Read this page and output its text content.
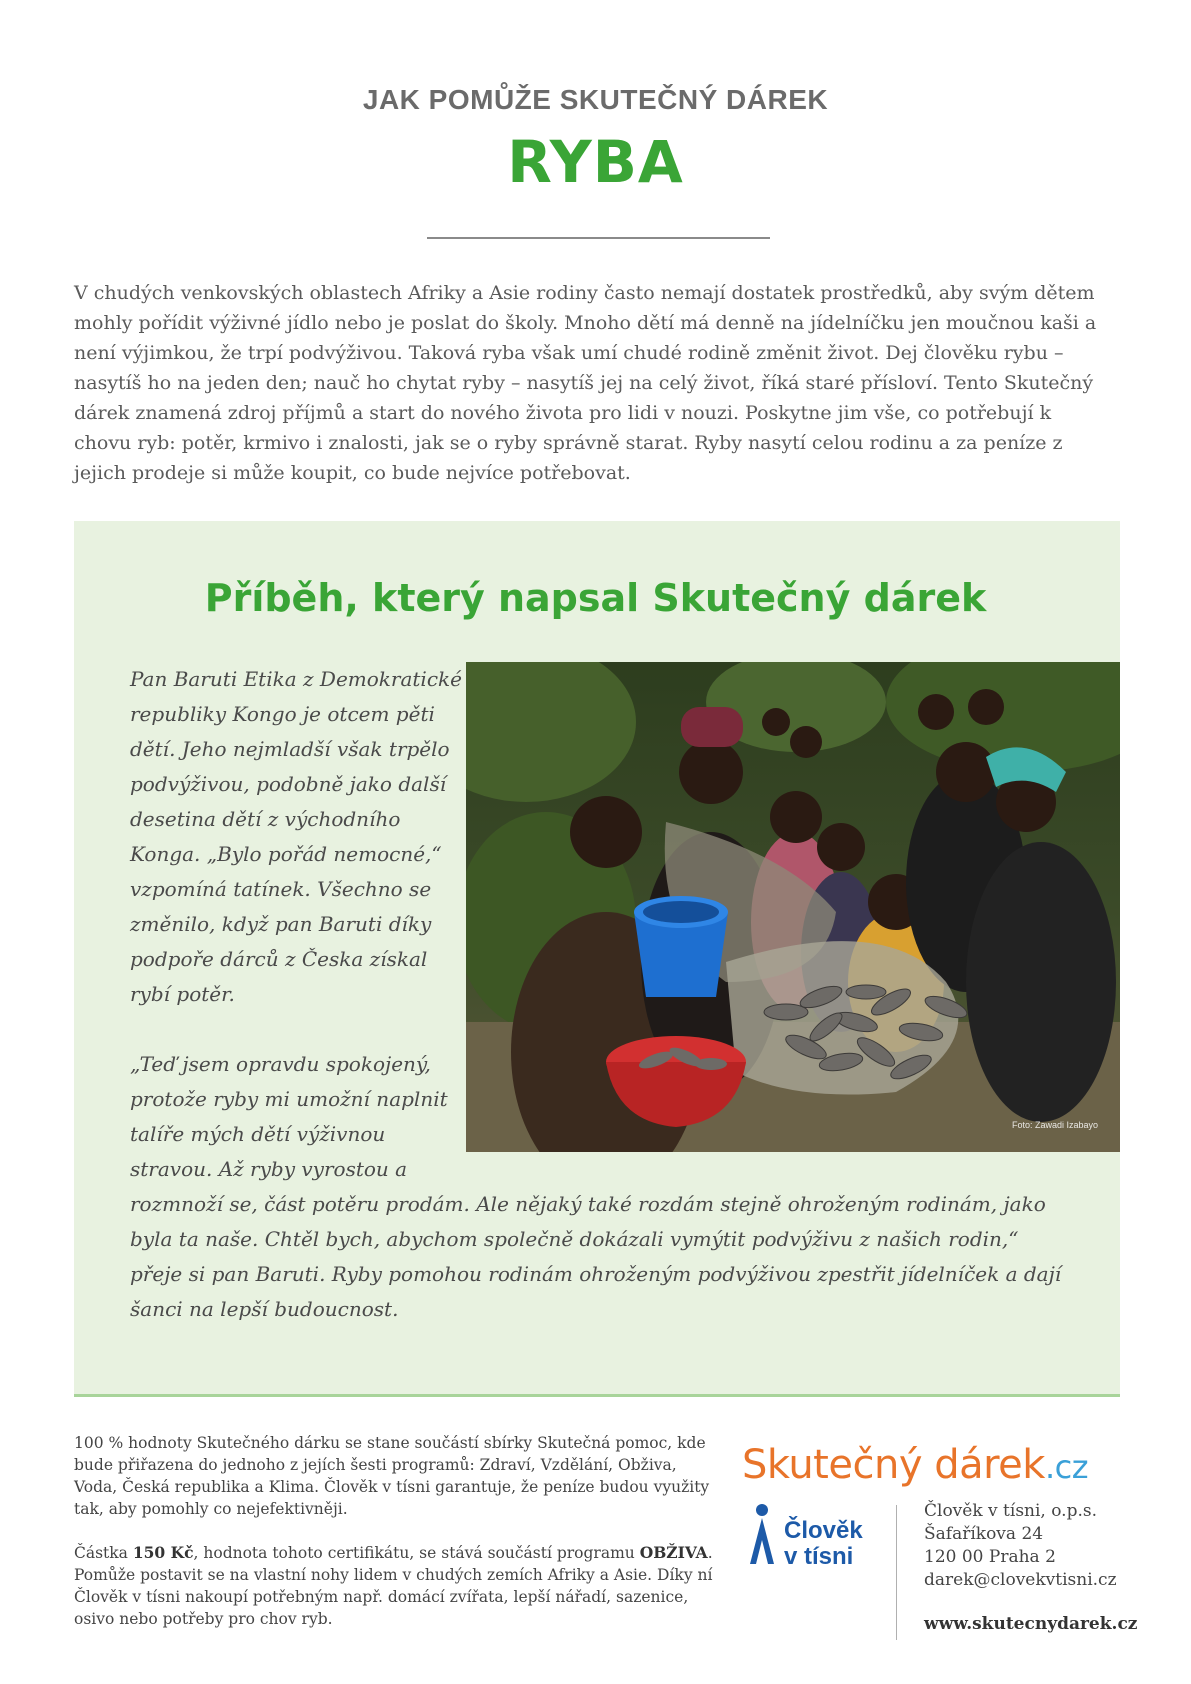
JAK POMŮŽE SKUTEČNÝ DÁREK
RYBA
V chudých venkovských oblastech Afriky a Asie rodiny často nemají dostatek prostředků, aby svým dětem mohly pořídit výživné jídlo nebo je poslat do školy. Mnoho dětí má denně na jídelníčku jen moučnou kaši a není výjimkou, že trpí podvýživou. Taková ryba však umí chudé rodině změnit život. Dej člověku rybu – nasytíš ho na jeden den; nauč ho chytat ryby – nasytíš jej na celý život, říká staré přísloví. Tento Skutečný dárek znamená zdroj příjmů a start do nového života pro lidi v nouzi. Poskytne jim vše, co potřebují k chovu ryb: potěr, krmivo i znalosti, jak se o ryby správně starat. Ryby nasytí celou rodinu a za peníze z jejich prodeje si může koupit, co bude nejvíce potřebovat.
Příběh, který napsal Skutečný dárek
Foto: Zawadi Izabayo

Pan Baruti Etika z Demokratické republiky Kongo je otcem pěti dětí. Jeho nejmladší však trpělo podvýživou, podobně jako další desetina dětí z východního Konga. „Bylo pořád nemocné,“ vzpomíná tatínek. Všechno se změnilo, když pan Baruti díky podpoře dárců z Česka získal rybí potěr.

„Teď jsem opravdu spokojený, protože ryby mi umožní naplnit talíře mých dětí výživnou stravou. Až ryby vyrostou a rozmnoží se, část potěru prodám. Ale nějaký také rozdám stejně ohroženým rodinám, jako byla ta naše. Chtěl bych, abychom společně dokázali vymýtit podvýživu z našich rodin,“ přeje si pan Baruti. Ryby pomohou rodinám ohroženým podvýživou zpestřit jídelníček a dají šanci na lepší budoucnost.

100 % hodnoty Skutečného dárku se stane součástí sbírky Skutečná pomoc, kde bude přiřazena do jednoho z jejích šesti programů: Zdraví, Vzdělání, Obživa, Voda, Česká republika a Klima. Člověk v tísni garantuje, že peníze budou využity tak, aby pomohly co nejefektivněji.

Částka 150 Kč, hodnota tohoto certifikátu, se stává součástí programu OBŽIVA. Pomůže postavit se na vlastní nohy lidem v chudých zemích Afriky a Asie. Díky ní Člověk v tísni nakoupí potřebným např. domácí zvířata, lepší nářadí, sazenice, osivo nebo potřeby pro chov ryb.

Skutečný dárek.cz
Člověk
v tísni
Člověk v tísni, o.p.s.
Šafaříkova 24
120 00 Praha 2
darek@clovekvtisni.cz
www.skutecnydarek.cz
